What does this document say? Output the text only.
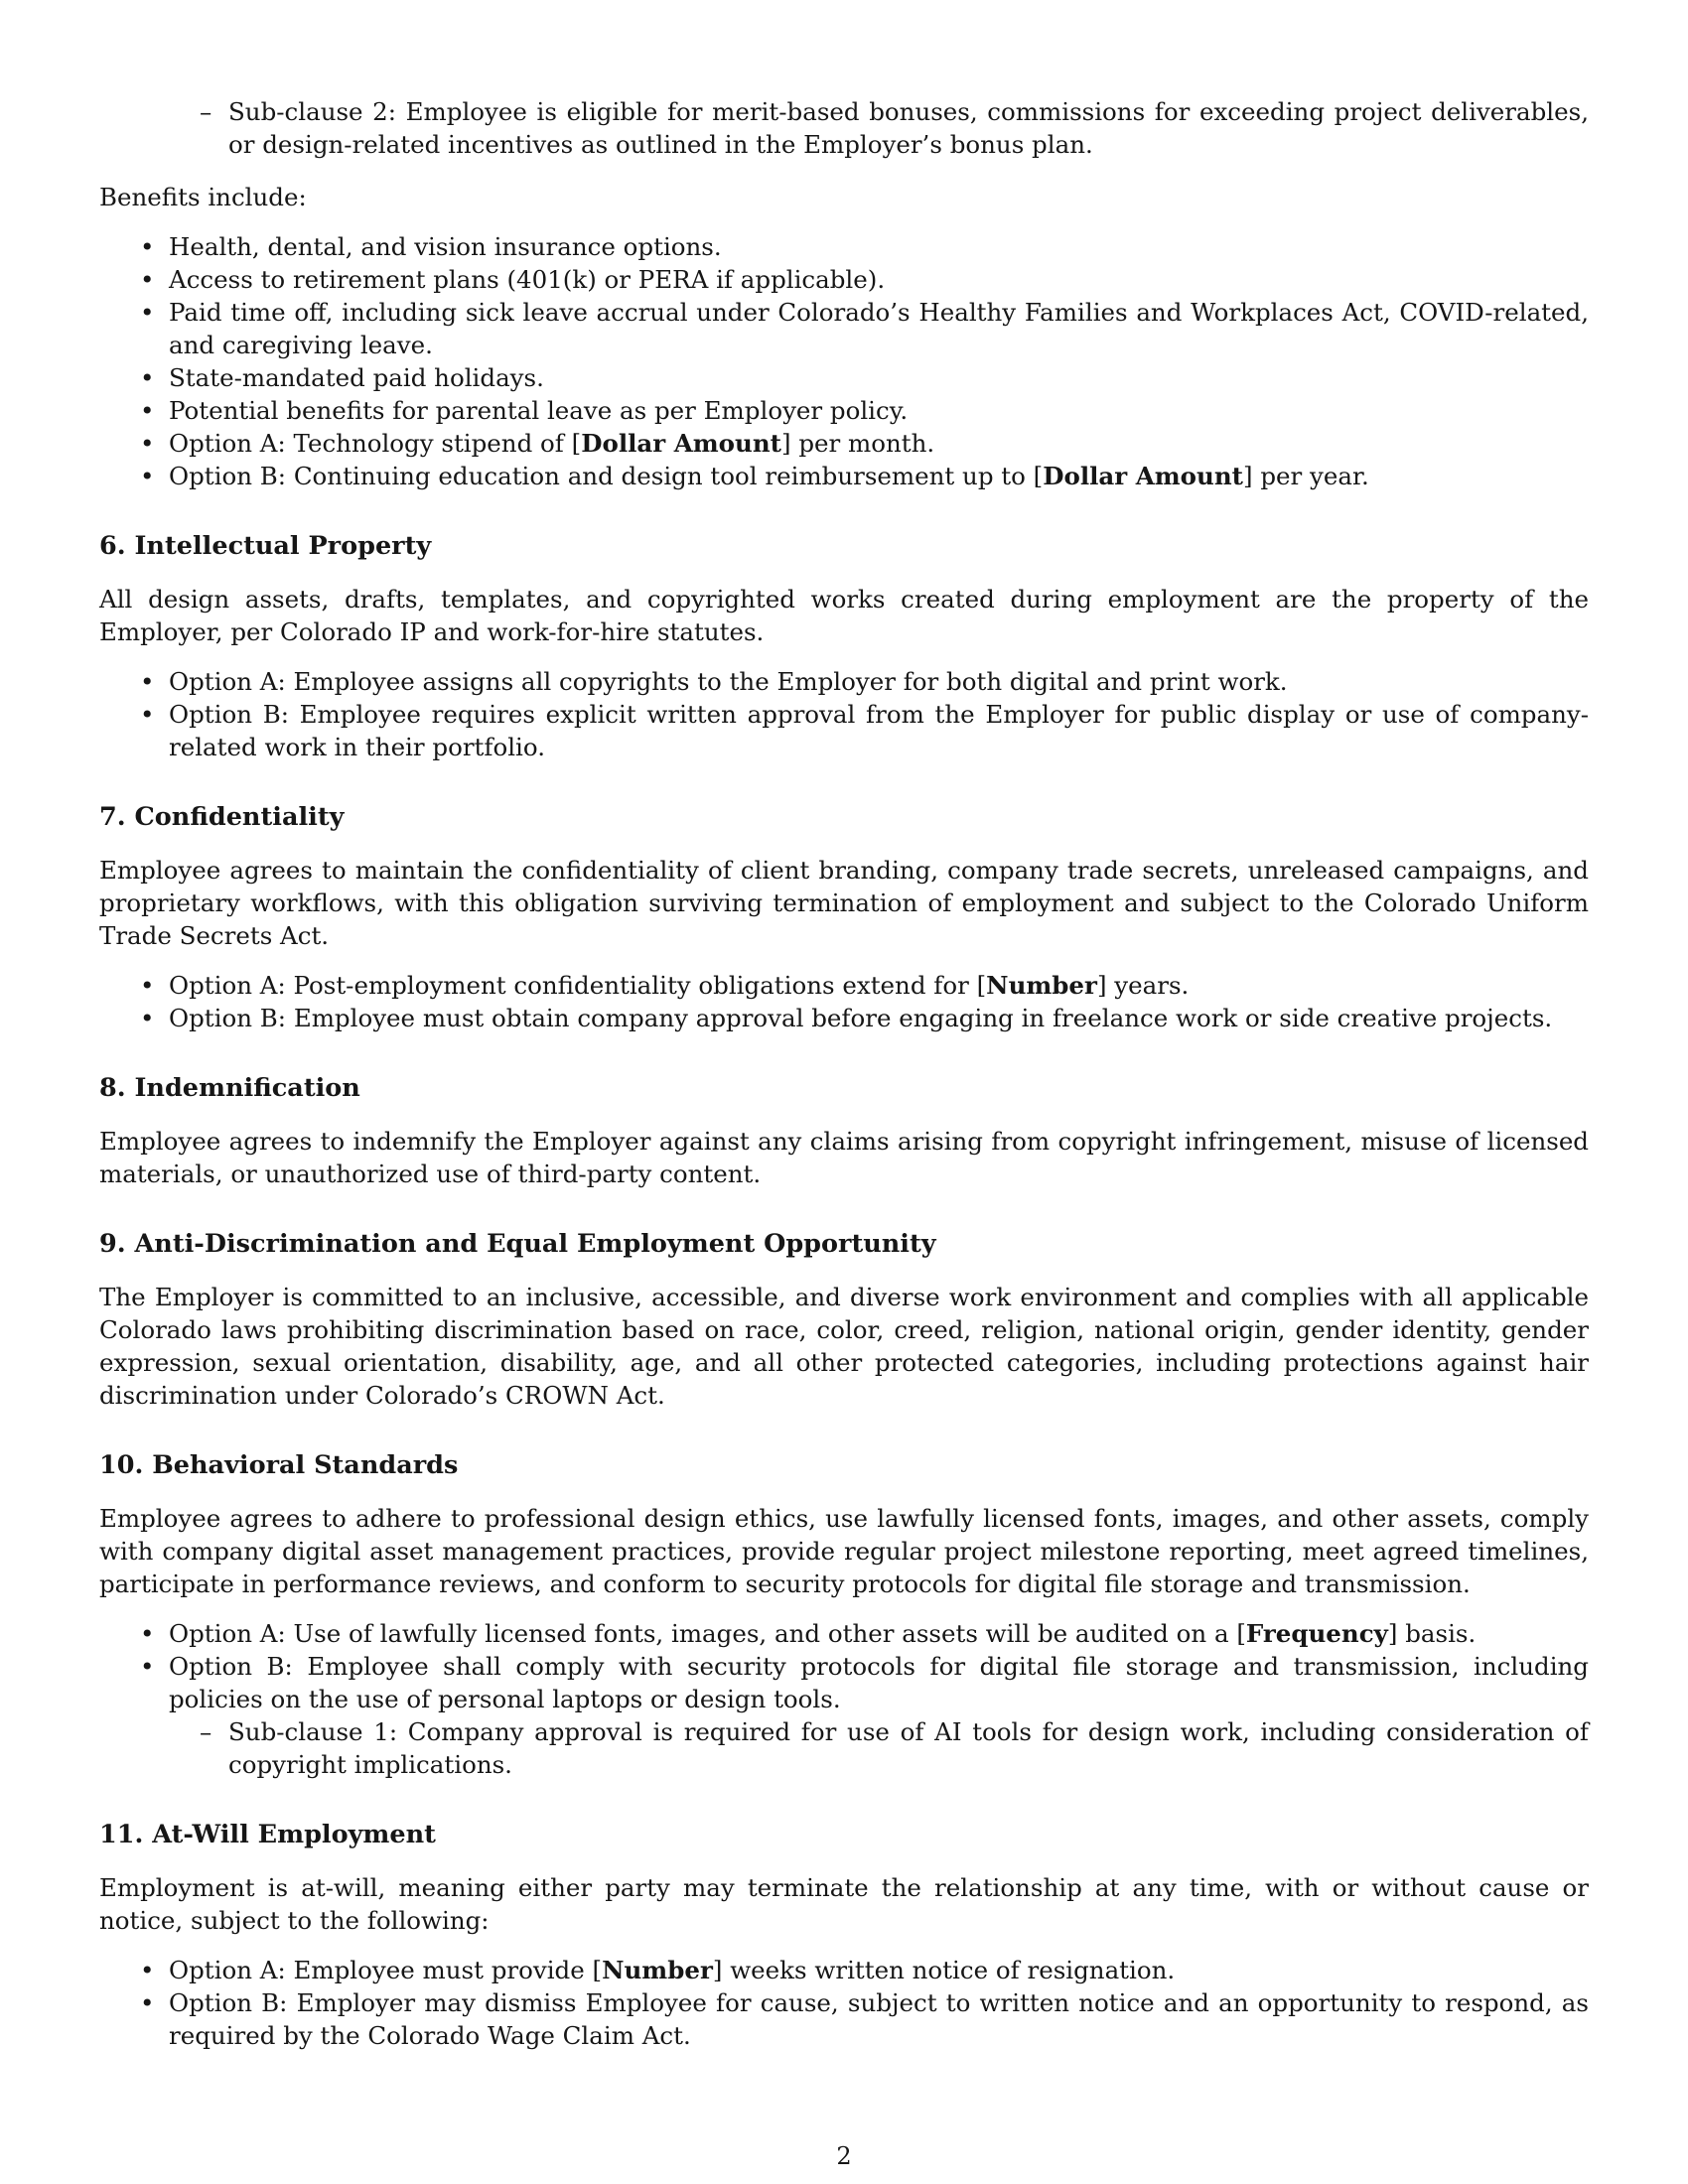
– Sub-clause 2: Employee is eligible for merit-based bonuses, commissions for exceeding project deliverables, or design-related incentives as outlined in the Employer’s bonus plan.

Benefits include:

• Health, dental, and vision insurance options.
• Access to retirement plans (401(k) or PERA if applicable).
• Paid time off, including sick leave accrual under Colorado’s Healthy Families and Workplaces Act, COVID-related, and caregiving leave.
• State-mandated paid holidays.
• Potential benefits for parental leave as per Employer policy.
• Option A: Technology stipend of [Dollar Amount] per month.
• Option B: Continuing education and design tool reimbursement up to [Dollar Amount] per year.
6. Intellectual Property

All design assets, drafts, templates, and copyrighted works created during employment are the property of the Employer, per Colorado IP and work-for-hire statutes.

• Option A: Employee assigns all copyrights to the Employer for both digital and print work.
• Option B: Employee requires explicit written approval from the Employer for public display or use of company-related work in their portfolio.
7. Confidentiality

Employee agrees to maintain the confidentiality of client branding, company trade secrets, unreleased campaigns, and proprietary workflows, with this obligation surviving termination of employment and subject to the Colorado Uniform Trade Secrets Act.

• Option A: Post-employment confidentiality obligations extend for [Number] years.
• Option B: Employee must obtain company approval before engaging in freelance work or side creative projects.
8. Indemnification

Employee agrees to indemnify the Employer against any claims arising from copyright infringement, misuse of licensed materials, or unauthorized use of third-party content.

9. Anti-Discrimination and Equal Employment Opportunity

The Employer is committed to an inclusive, accessible, and diverse work environment and complies with all applicable Colorado laws prohibiting discrimination based on race, color, creed, religion, national origin, gender identity, gender expression, sexual orientation, disability, age, and all other protected categories, including protections against hair discrimination under Colorado’s CROWN Act.

10. Behavioral Standards

Employee agrees to adhere to professional design ethics, use lawfully licensed fonts, images, and other assets, comply with company digital asset management practices, provide regular project milestone reporting, meet agreed timelines, participate in performance reviews, and conform to security protocols for digital file storage and transmission.

• Option A: Use of lawfully licensed fonts, images, and other assets will be audited on a [Frequency] basis.
• Option B: Employee shall comply with security protocols for digital file storage and transmission, including policies on the use of personal laptops or design tools.
– Sub-clause 1: Company approval is required for use of AI tools for design work, including consideration of copyright implications.
11. At-Will Employment

Employment is at-will, meaning either party may terminate the relationship at any time, with or without cause or notice, subject to the following:

• Option A: Employee must provide [Number] weeks written notice of resignation.
• Option B: Employer may dismiss Employee for cause, subject to written notice and an opportunity to respond, as required by the Colorado Wage Claim Act.
2
